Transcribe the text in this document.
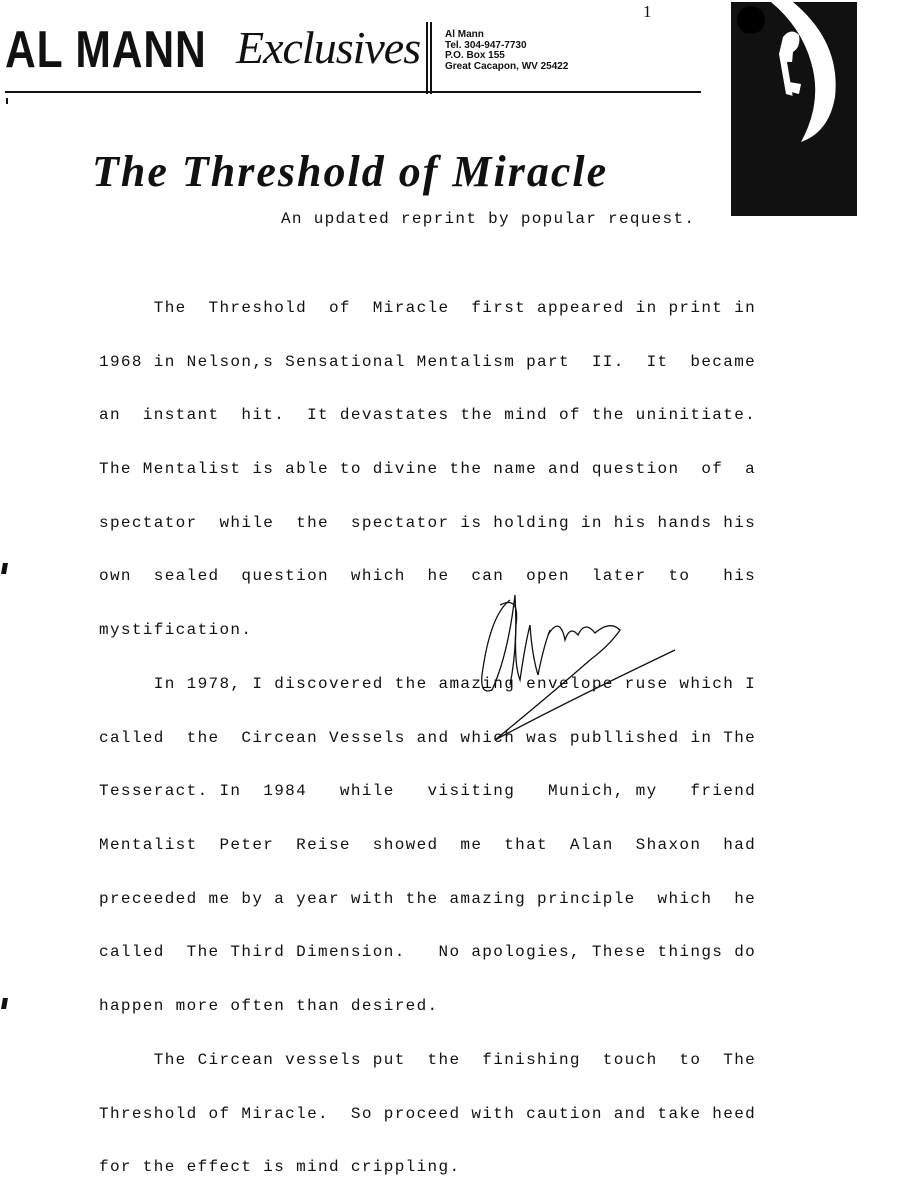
1
AL MANN Exclusives Al Mann
Tel. 304-947-7730
P.O. Box 155
Great Cacapon, WV 25422
The Threshold of Miracle
An updated reprint by popular request.

The  Threshold  of  Miracle  first appeared in print in

1968 in Nelson,s Sensational Mentalism part  II.  It  became

an  instant  hit.  It devastates the mind of the uninitiate.

The Mentalist is able to divine the name and question  of  a

spectator  while  the  spectator is holding in his hands his

own  sealed  question  which  he  can  open  later  to   his

mystification.

In 1978, I discovered the amazing envelope ruse which I

called  the  Circean Vessels and which was publlished in The

Tesseract. In  1984   while   visiting   Munich, my   friend

Mentalist  Peter  Reise  showed  me  that  Alan  Shaxon  had

preceeded me by a year with the amazing principle  which  he

called  The Third Dimension.   No apologies, These things do

happen more often than desired.

The Circean vessels put  the  finishing  touch  to  The

Threshold of Miracle.  So proceed with caution and take heed

for the effect is mind crippling.
